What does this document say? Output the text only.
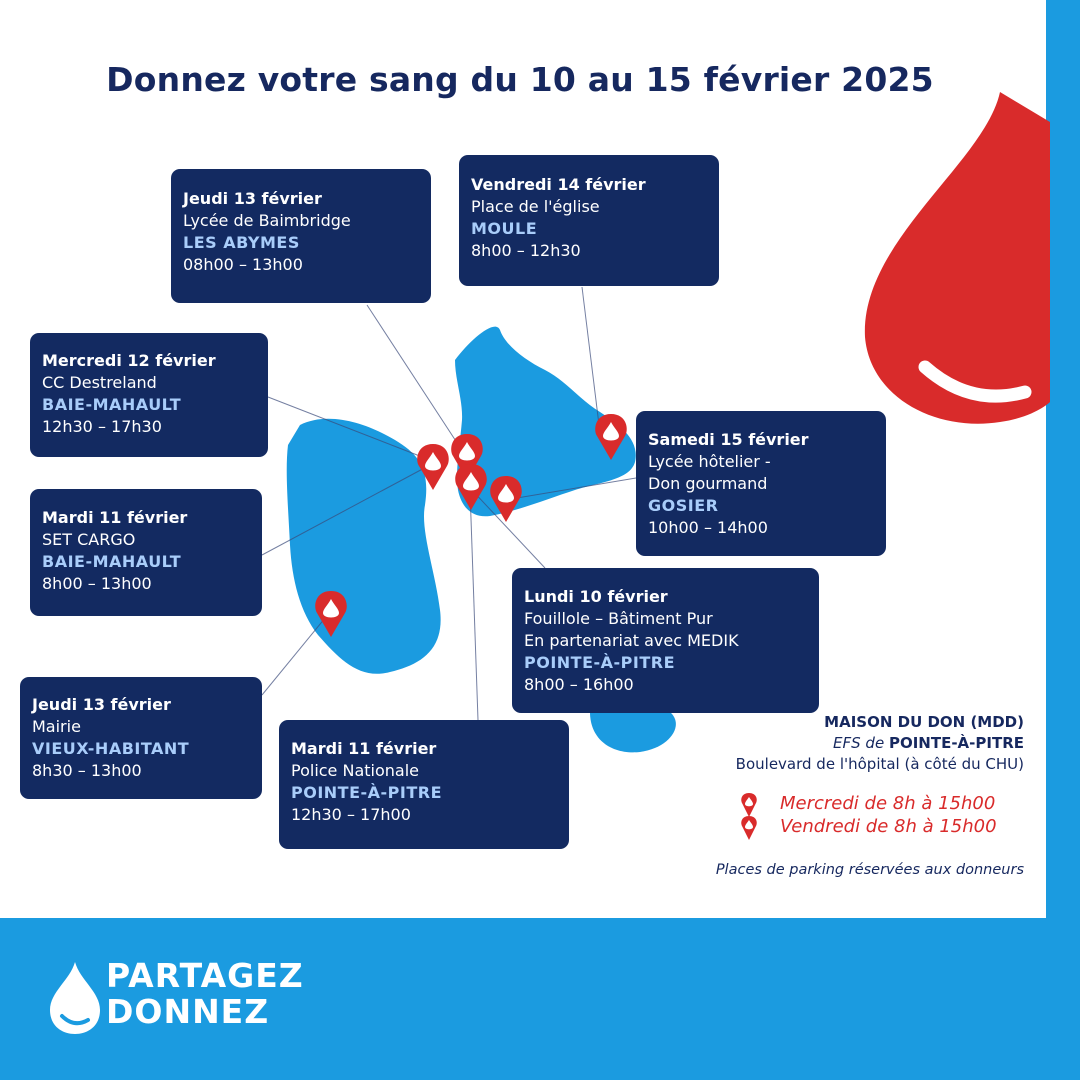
Donnez votre sang du 10 au 15 février 2025
Jeudi 13 février
Lycée de Baimbridge
LES ABYMES
08h00 – 13h00
Vendredi 14 février
Place de l'église
MOULE
8h00 – 12h30
Mercredi 12 février
CC Destreland
BAIE-MAHAULT
12h30 – 17h30
Samedi 15 février
Lycée hôtelier -
Don gourmand
GOSIER
10h00 – 14h00
Mardi 11 février
SET CARGO
BAIE-MAHAULT
8h00 – 13h00
Lundi 10 février
Fouillole – Bâtiment Pur
En partenariat avec MEDIK
POINTE-À-PITRE
8h00 – 16h00
Jeudi 13 février
Mairie
VIEUX-HABITANT
8h30 – 13h00
Mardi 11 février
Police Nationale
POINTE-À-PITRE
12h30 – 17h00
MAISON DU DON (MDD)
EFS de POINTE-À-PITRE
Boulevard de l'hôpital (à côté du CHU)
Mercredi de 8h à 15h00
Vendredi de 8h à 15h00
Places de parking réservées aux donneurs
PARTAGEZ
DONNEZ
